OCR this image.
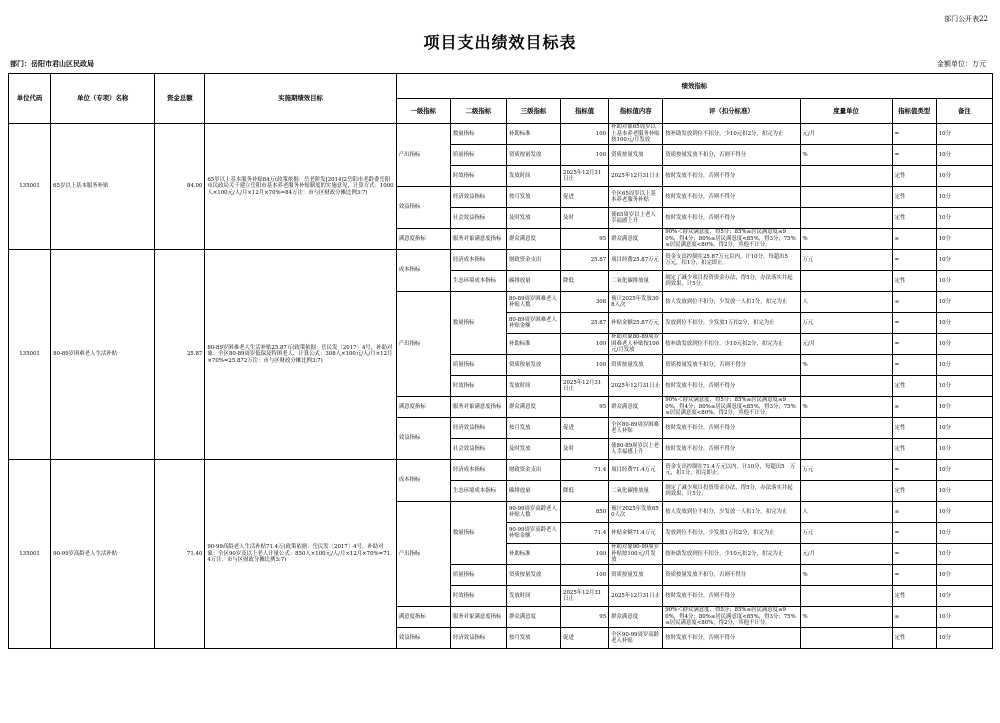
部门公开表22
项目支出绩效目标表
部门：岳阳市君山区民政局	金额单位：万元
单位代码	单位（专项）名称	资金总额	实施期绩效目标	绩效指标								
				一级指标	二级指标	三级指标	指标值	指标值内容	评（扣分标准）	度量单位	指标值类型	备注
135001	65岁以上基本服务补贴	84.00	65岁以上基本服务补贴84万(政策依据：岳老阶发[2014]2岳阳市老龄委岳阳市民政局关于建立岳阳市基本养老服务补贴制度的实施意见，计算方式：1000人×100元/人/月×12月×70%=84万注：市与区财政分摊比例3:7)	产出指标	数量指标	补助标准	100	补助对象65周岁以上基本养老服务补贴按100元/月发放	按补助发放到位不扣分，少10元扣2分，扣完为止	元/月	=	10分
					质量指标	资质按量发放	100	资质按量发放	资质按量发放不扣分，否则不得分	%	=	10分
					时效指标	发放时间	2025年12月31日止	2025年12月31日止	按时发放不扣分，否则不得分		定性	10分
				效益指标	经济效益指标	按月发放	促进	全区65周岁以上基本养老服务补贴	按时发放不扣分，否则不得分		定性	10分
					社会效益指标	及时发放	及时	使65周岁以上老人幸福感上升	按时发放不扣分，否则不得分		定性	10分
				满意度指标	服务对象满意度指标	群众满意度	95	群众满意度	90%＜群众满意度，得5分；85%≤居民满意度≤90%，得4分；80%≤居民满意度<85%，得3分；75%≤居民满意度<80%，得2分，其他不计分。	%	≥	10分
135001	80-89岁困难老人生活补贴	25.87	80-89岁困难老人生活补贴25.87万(政策依据：岳民发〔2017〕4号，补助对象：全区80-89周岁低保及特困老人，计算公式：308人×100元/人/月×12月×70%=25.872万注：市与区财政分摊比例3:7)	成本指标	经济成本指标	财政资金支出	25.87	项目经费25.87万元	资金支出控制在25.87万元以内，计10分，每超出5　万元，扣1分，扣完即止。	万元	=	10分
					生态环境成本指标	碳排放量	降低	二氧化碳排放量	制定了减少项目投资资金办法，得5分，办法落实并起到效果，计5分。		定性	10分
				产出指标	数量指标	80-89周岁困难老人补贴人数	308	预计2025年发放308人次	按人发放到位不扣分，少发放一人扣1分，扣完为止	人	≤	10分
						80-89周岁困难老人补贴金额	25.87	补贴金额25.87万元	发放到位不扣分，少发放1万扣2分，扣完为止	万元	=	10分
						补助标准	100	补助对象80-89周岁困难老人补贴按100元/月发放	按补助发放到位不扣分，少10元扣2分，扣完为止	元/月	=	10分
					质量指标	资质按量发放	100	资质按量发放	资质按量发放不扣分，否则不得分	%	=	10分
					时效指标	发放时间	2025年12月31日止	2025年12月31日止	按时发放不扣分，否则不得分		定性	10分
				满意度指标	服务对象满意度指标	群众满意度	95	群众满意度	90%＜群众满意度，得5分；85%≤居民满意度≤90%，得4分；80%≤居民满意度<85%，得3分；75%≤居民满意度<80%，得2分，其他不计分。	%	≥	10分
				效益指标	经济效益指标	按月发放	促进	全区80-89周岁困难老人补贴	按时发放不扣分，否则不得分		定性	10分
					社会效益指标	及时发放	及时	使80-89周岁以上老人幸福感上升	按时发放不扣分，否则不得分		定性	10分
135001	90-99岁高龄老人生活补贴	71.40	90-99高龄老人生活补贴71.4万(政策依据：岳民发〔2017〕4号，补助对象：全区90岁及以上老人计量公式：850人×100元/人/月×12月×70%=71.4万注：市与区财政分摊比例3:7)	成本指标	经济成本指标	财政资金支出	71.4	项目经费71.4万元	资金支出控制在71.4万元以内，计10分，每超出5　万元，扣1分，扣完即止。	万元	=	10分
					生态环境成本指标	碳排放量	降低	二氧化碳排放量	制定了减少项目投资资金办法，得5分，办法落实并起到效果，计5分。		定性	10分
				产出指标	数量指标	90-99周岁高龄老人补贴人数	850	预计2025年发放850人次	按人发放到位不扣分，少发放一人扣1分，扣完为止	人	≤	10分
						90-99周岁高龄老人补贴金额	71.4	补贴金额71.4万元	发放到位不扣分，少发放1万扣2分，扣完为止	万元	=	10分
						补助标准	100	补助对象90-99周岁补贴按100元/月发放	按补助发放到位不扣分，少10元扣2分，扣完为止	元/月	=	10分
					质量指标	资质按量发放	100	资质按量发放	资质按量发放不扣分，否则不得分	%	=	10分
					时效指标	发放时间	2025年12月31日止	2025年12月31日止	按时发放不扣分，否则不得分		定性	10分
				满意度指标	服务对象满意度指标	群众满意度	95	群众满意度	90%＜群众满意度，得5分；85%≤居民满意度≤90%，得4分；80%≤居民满意度<85%，得3分；75%≤居民满意度<80%，得2分，其他不计分。	%	≥	10分
				效益指标	经济效益指标	按月发放	促进	全区90-99周岁高龄老人补贴	按时发放不扣分，否则不得分		定性	10分
